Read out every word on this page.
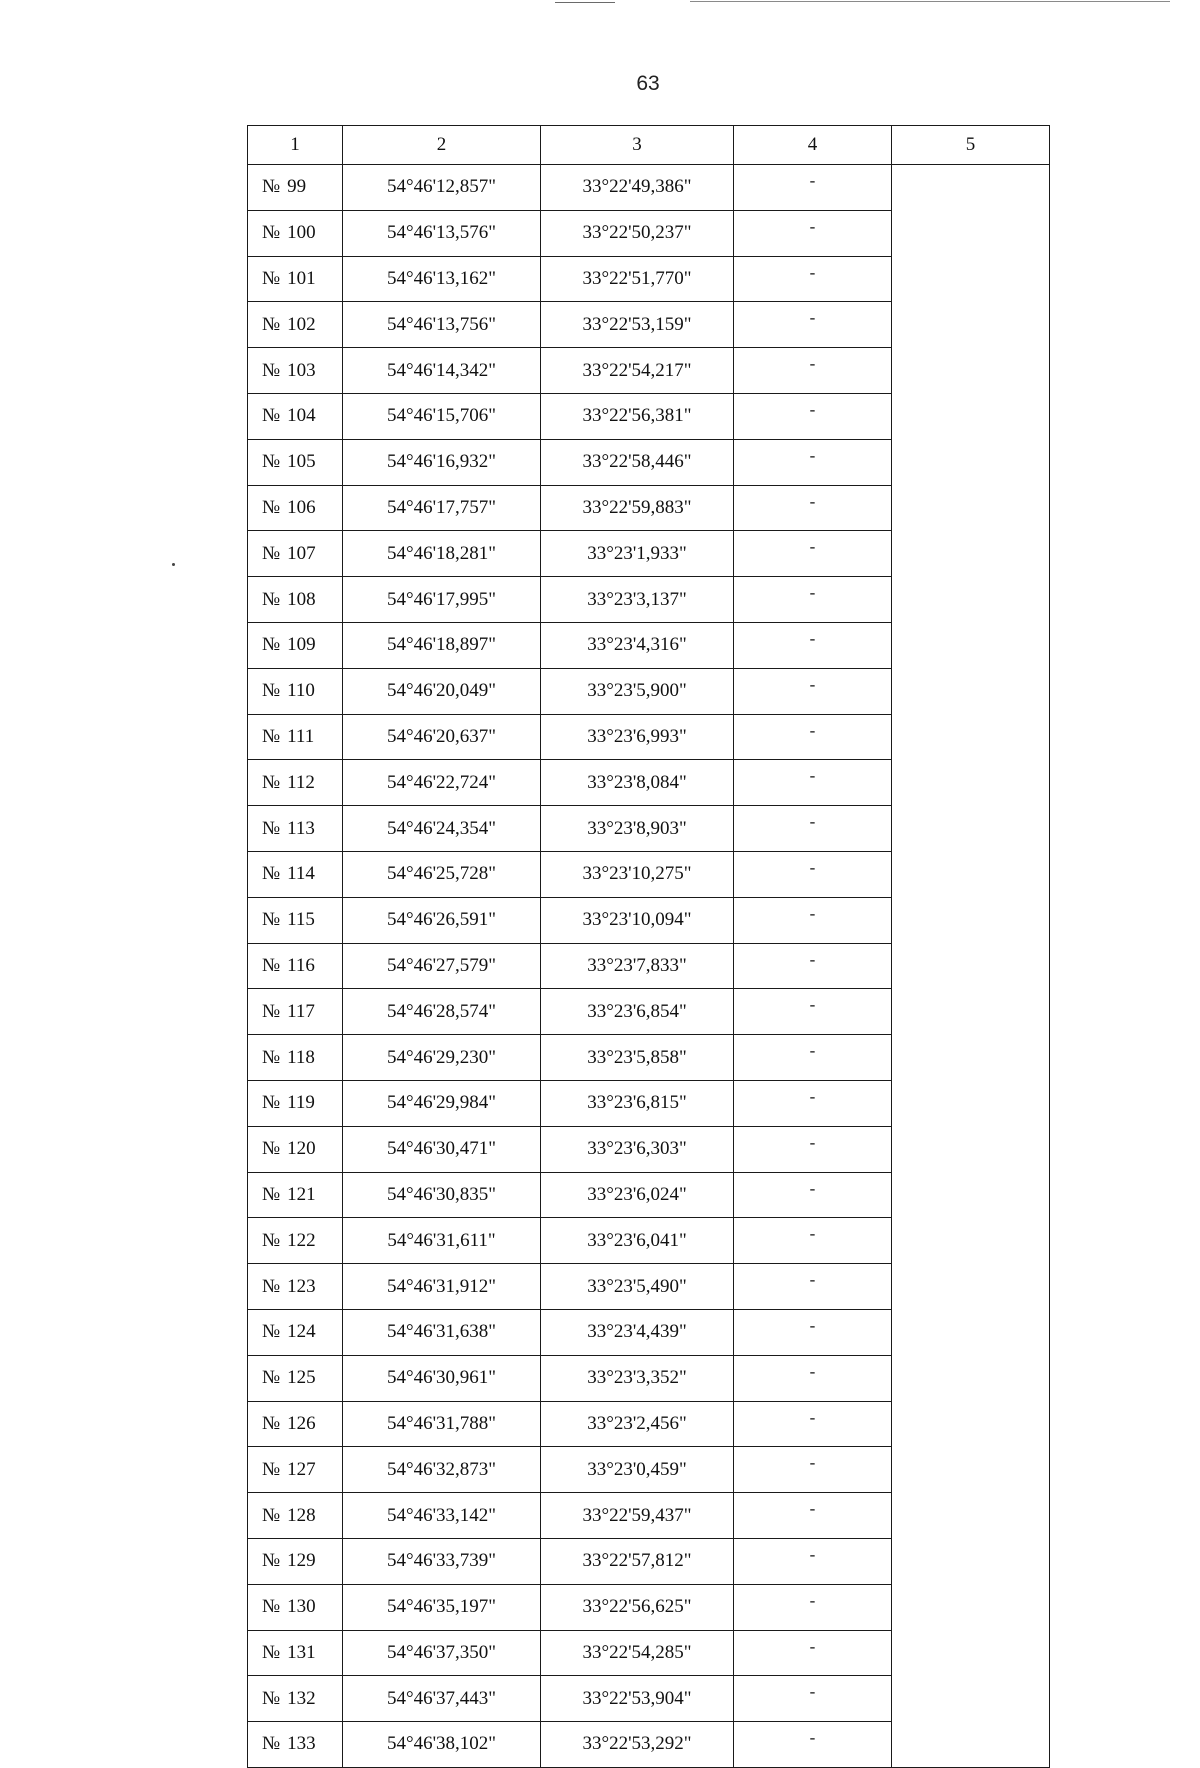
63
1	2	3	4	5
№ 99	54°46'12,857"	33°22'49,386"	-	
№ 100	54°46'13,576"	33°22'50,237"	-	
№ 101	54°46'13,162"	33°22'51,770"	-	
№ 102	54°46'13,756"	33°22'53,159"	-	
№ 103	54°46'14,342"	33°22'54,217"	-	
№ 104	54°46'15,706"	33°22'56,381"	-	
№ 105	54°46'16,932"	33°22'58,446"	-	
№ 106	54°46'17,757"	33°22'59,883"	-	
№ 107	54°46'18,281"	33°23'1,933"	-	
№ 108	54°46'17,995"	33°23'3,137"	-	
№ 109	54°46'18,897"	33°23'4,316"	-	
№ 110	54°46'20,049"	33°23'5,900"	-	
№ 111	54°46'20,637"	33°23'6,993"	-	
№ 112	54°46'22,724"	33°23'8,084"	-	
№ 113	54°46'24,354"	33°23'8,903"	-	
№ 114	54°46'25,728"	33°23'10,275"	-	
№ 115	54°46'26,591"	33°23'10,094"	-	
№ 116	54°46'27,579"	33°23'7,833"	-	
№ 117	54°46'28,574"	33°23'6,854"	-	
№ 118	54°46'29,230"	33°23'5,858"	-	
№ 119	54°46'29,984"	33°23'6,815"	-	
№ 120	54°46'30,471"	33°23'6,303"	-	
№ 121	54°46'30,835"	33°23'6,024"	-	
№ 122	54°46'31,611"	33°23'6,041"	-	
№ 123	54°46'31,912"	33°23'5,490"	-	
№ 124	54°46'31,638"	33°23'4,439"	-	
№ 125	54°46'30,961"	33°23'3,352"	-	
№ 126	54°46'31,788"	33°23'2,456"	-	
№ 127	54°46'32,873"	33°23'0,459"	-	
№ 128	54°46'33,142"	33°22'59,437"	-	
№ 129	54°46'33,739"	33°22'57,812"	-	
№ 130	54°46'35,197"	33°22'56,625"	-	
№ 131	54°46'37,350"	33°22'54,285"	-	
№ 132	54°46'37,443"	33°22'53,904"	-	
№ 133	54°46'38,102"	33°22'53,292"	-	
